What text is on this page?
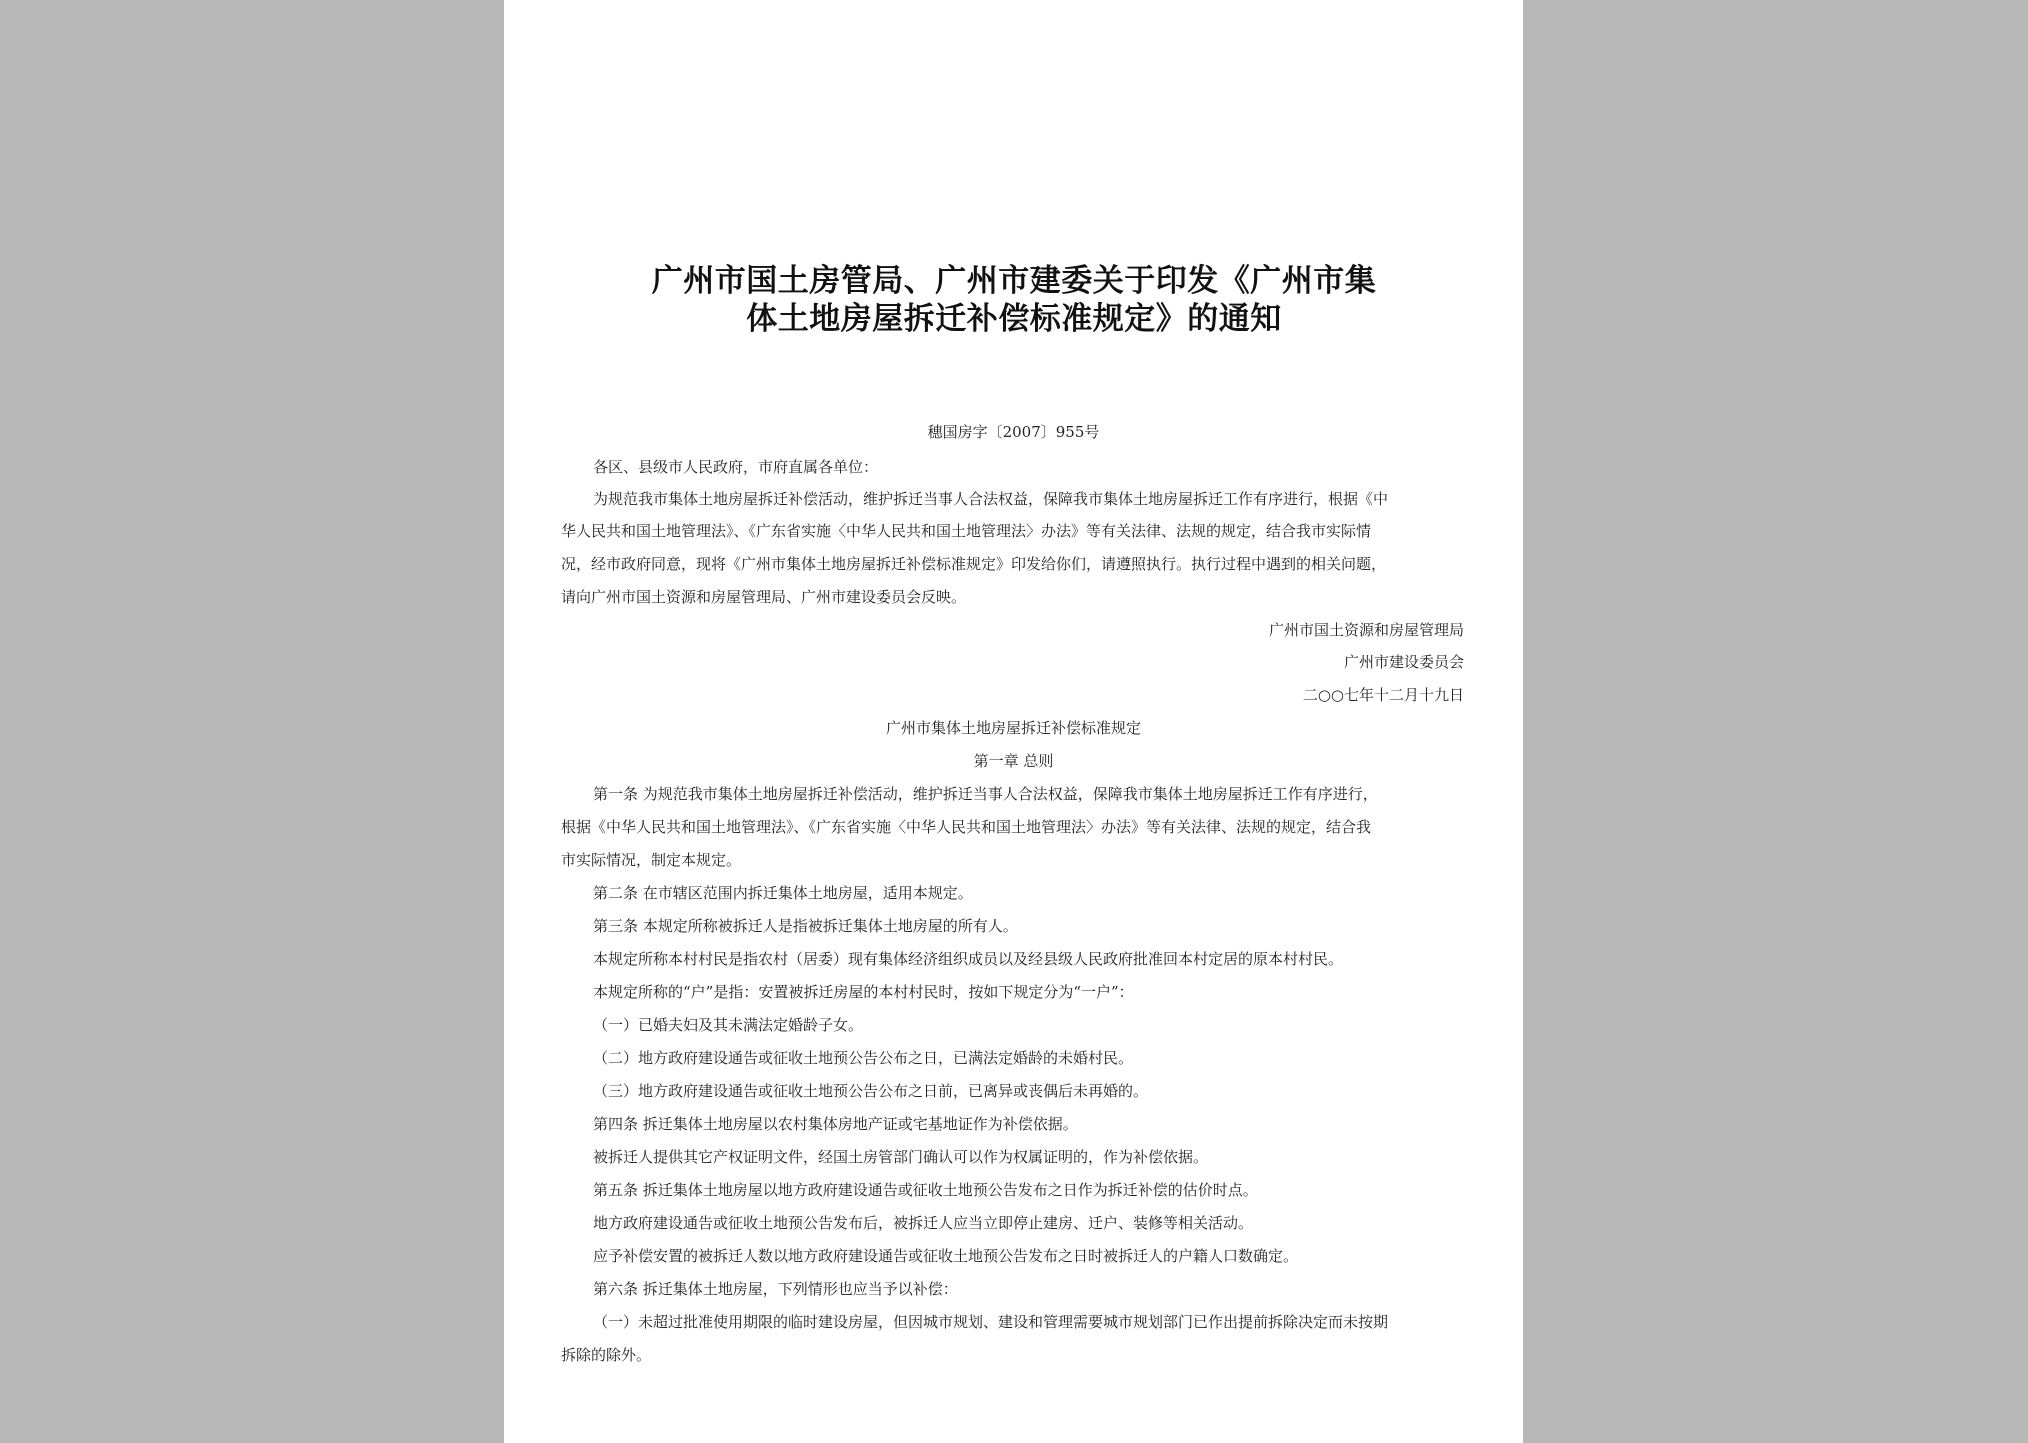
广州市国土房管局、广州市建委关于印发《广州市集
体土地房屋拆迁补偿标准规定》的通知
穗国房字〔2007〕955号
各区、县级市人民政府，市府直属各单位：
为规范我市集体土地房屋拆迁补偿活动，维护拆迁当事人合法权益，保障我市集体土地房屋拆迁工作有序进行，根据《中
华人民共和国土地管理法》、《广东省实施〈中华人民共和国土地管理法〉办法》等有关法律、法规的规定，结合我市实际情
况，经市政府同意，现将《广州市集体土地房屋拆迁补偿标准规定》印发给你们，请遵照执行。执行过程中遇到的相关问题，
请向广州市国土资源和房屋管理局、广州市建设委员会反映。
广州市国土资源和房屋管理局
广州市建设委员会
二○○七年十二月十九日
广州市集体土地房屋拆迁补偿标准规定
第一章 总则
第一条 为规范我市集体土地房屋拆迁补偿活动，维护拆迁当事人合法权益，保障我市集体土地房屋拆迁工作有序进行，
根据《中华人民共和国土地管理法》、《广东省实施〈中华人民共和国土地管理法〉办法》等有关法律、法规的规定，结合我
市实际情况，制定本规定。
第二条 在市辖区范围内拆迁集体土地房屋，适用本规定。
第三条 本规定所称被拆迁人是指被拆迁集体土地房屋的所有人。
本规定所称本村村民是指农村（居委）现有集体经济组织成员以及经县级人民政府批准回本村定居的原本村村民。
本规定所称的“户”是指：安置被拆迁房屋的本村村民时，按如下规定分为“一户”：
（一）已婚夫妇及其未满法定婚龄子女。
（二）地方政府建设通告或征收土地预公告公布之日，已满法定婚龄的未婚村民。
（三）地方政府建设通告或征收土地预公告公布之日前，已离异或丧偶后未再婚的。
第四条 拆迁集体土地房屋以农村集体房地产证或宅基地证作为补偿依据。
被拆迁人提供其它产权证明文件，经国土房管部门确认可以作为权属证明的，作为补偿依据。
第五条 拆迁集体土地房屋以地方政府建设通告或征收土地预公告发布之日作为拆迁补偿的估价时点。
地方政府建设通告或征收土地预公告发布后，被拆迁人应当立即停止建房、迁户、装修等相关活动。
应予补偿安置的被拆迁人数以地方政府建设通告或征收土地预公告发布之日时被拆迁人的户籍人口数确定。
第六条 拆迁集体土地房屋，下列情形也应当予以补偿：
（一）未超过批准使用期限的临时建设房屋，但因城市规划、建设和管理需要城市规划部门已作出提前拆除决定而未按期
拆除的除外。
